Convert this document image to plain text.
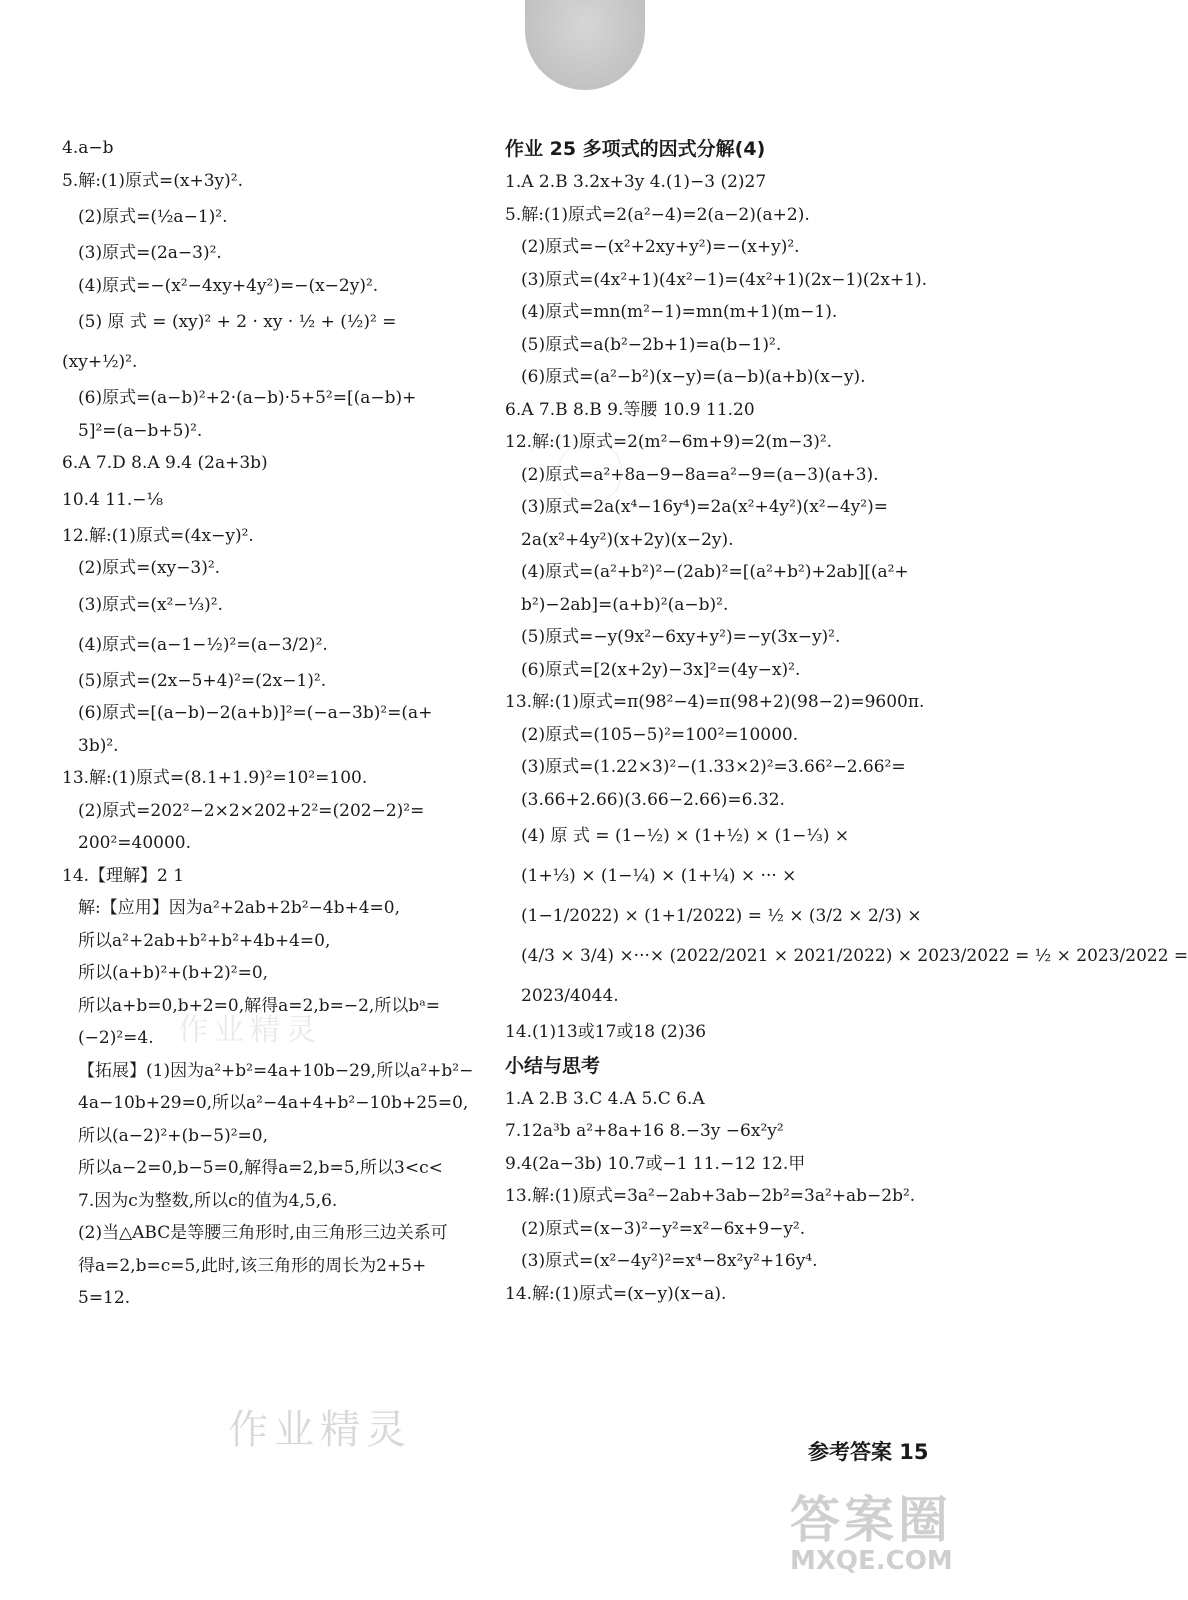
4.a−b
5.解:(1)原式=(x+3y)².
(2)原式=(½a−1)².
(3)原式=(2a−3)².
(4)原式=−(x²−4xy+4y²)=−(x−2y)².
(5) 原 式 = (xy)² + 2 · xy · ½ + (½)² =
(xy+½)².
(6)原式=(a−b)²+2·(a−b)·5+5²=[(a−b)+
5]²=(a−b+5)².
6.A 7.D 8.A 9.4 (2a+3b)
10.4 11.−⅛
12.解:(1)原式=(4x−y)².
(2)原式=(xy−3)².
(3)原式=(x²−⅓)².
(4)原式=(a−1−½)²=(a−3/2)².
(5)原式=(2x−5+4)²=(2x−1)².
(6)原式=[(a−b)−2(a+b)]²=(−a−3b)²=(a+
3b)².
13.解:(1)原式=(8.1+1.9)²=10²=100.
(2)原式=202²−2×2×202+2²=(202−2)²=
200²=40000.
14.【理解】2 1
解:【应用】因为a²+2ab+2b²−4b+4=0,
所以a²+2ab+b²+b²+4b+4=0,
所以(a+b)²+(b+2)²=0,
所以a+b=0,b+2=0,解得a=2,b=−2,所以bᵃ=
(−2)²=4.
【拓展】(1)因为a²+b²=4a+10b−29,所以a²+b²−
4a−10b+29=0,所以a²−4a+4+b²−10b+25=0,
所以(a−2)²+(b−5)²=0,
所以a−2=0,b−5=0,解得a=2,b=5,所以3<c<
7.因为c为整数,所以c的值为4,5,6.
(2)当△ABC是等腰三角形时,由三角形三边关系可
得a=2,b=c=5,此时,该三角形的周长为2+5+
5=12.
作业 25 多项式的因式分解(4)
1.A 2.B 3.2x+3y 4.(1)−3 (2)27
5.解:(1)原式=2(a²−4)=2(a−2)(a+2).
(2)原式=−(x²+2xy+y²)=−(x+y)².
(3)原式=(4x²+1)(4x²−1)=(4x²+1)(2x−1)(2x+1).
(4)原式=mn(m²−1)=mn(m+1)(m−1).
(5)原式=a(b²−2b+1)=a(b−1)².
(6)原式=(a²−b²)(x−y)=(a−b)(a+b)(x−y).
6.A 7.B 8.B 9.等腰 10.9 11.20
12.解:(1)原式=2(m²−6m+9)=2(m−3)².
(2)原式=a²+8a−9−8a=a²−9=(a−3)(a+3).
(3)原式=2a(x⁴−16y⁴)=2a(x²+4y²)(x²−4y²)=
2a(x²+4y²)(x+2y)(x−2y).
(4)原式=(a²+b²)²−(2ab)²=[(a²+b²)+2ab][(a²+
b²)−2ab]=(a+b)²(a−b)².
(5)原式=−y(9x²−6xy+y²)=−y(3x−y)².
(6)原式=[2(x+2y)−3x]²=(4y−x)².
13.解:(1)原式=π(98²−4)=π(98+2)(98−2)=9600π.
(2)原式=(105−5)²=100²=10000.
(3)原式=(1.22×3)²−(1.33×2)²=3.66²−2.66²=
(3.66+2.66)(3.66−2.66)=6.32.
(4) 原 式 = (1−½) × (1+½) × (1−⅓) ×
(1+⅓) × (1−¼) × (1+¼) × ··· ×
(1−1/2022) × (1+1/2022) = ½ × (3/2 × 2/3) ×
(4/3 × 3/4) ×···× (2022/2021 × 2021/2022) × 2023/2022 = ½ × 2023/2022 =
2023/4044.
14.(1)13或17或18 (2)36
小结与思考
1.A 2.B 3.C 4.A 5.C 6.A
7.12a³b a²+8a+16 8.−3y −6x²y²
9.4(2a−3b) 10.7或−1 11.−12 12.甲
13.解:(1)原式=3a²−2ab+3ab−2b²=3a²+ab−2b².
(2)原式=(x−3)²−y²=x²−6x+9−y².
(3)原式=(x²−4y²)²=x⁴−8x²y²+16y⁴.
14.解:(1)原式=(x−y)(x−a).
作业精灵
作业精灵	参考答案 15
答案圈
MXQE.COM
